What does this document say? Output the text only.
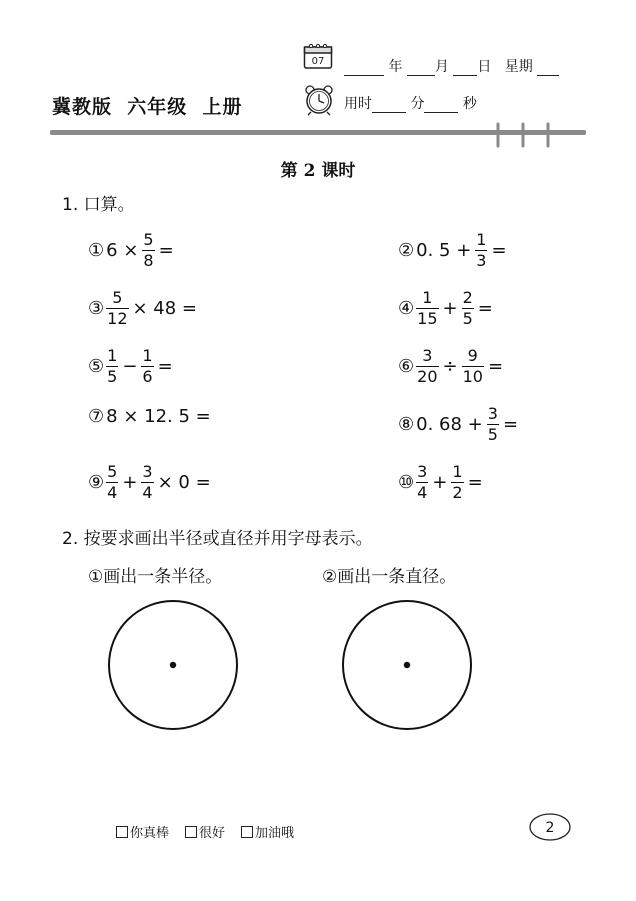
07	年 月 日 星期
冀教版  六年级  上册	用时	分	秒
第 2 课时
1. 口算。
① $6 \times \frac{5}{8}$ =	② 0. $5 + \frac{1}{3}$ =
③ $\frac{5}{12} \times 48$ =	④ $\frac{1}{15} + \frac{2}{5}$ =
⑤ $\frac{1}{5} - \frac{1}{6}$ =	⑥ $\frac{3}{20} \div \frac{9}{10}$ =
⑦ 8 × 12. 5 =	⑧ 0. $68 + \frac{3}{5}$ =
⑨ $\frac{5}{4} + \frac{3}{4} \times 0$ =	⑩ $\frac{3}{4} + \frac{1}{2}$ =
2. 按要求画出半径或直径并用字母表示。
①画出一条半径。	②画出一条直径。
你真棒 很好 加油哦	2
